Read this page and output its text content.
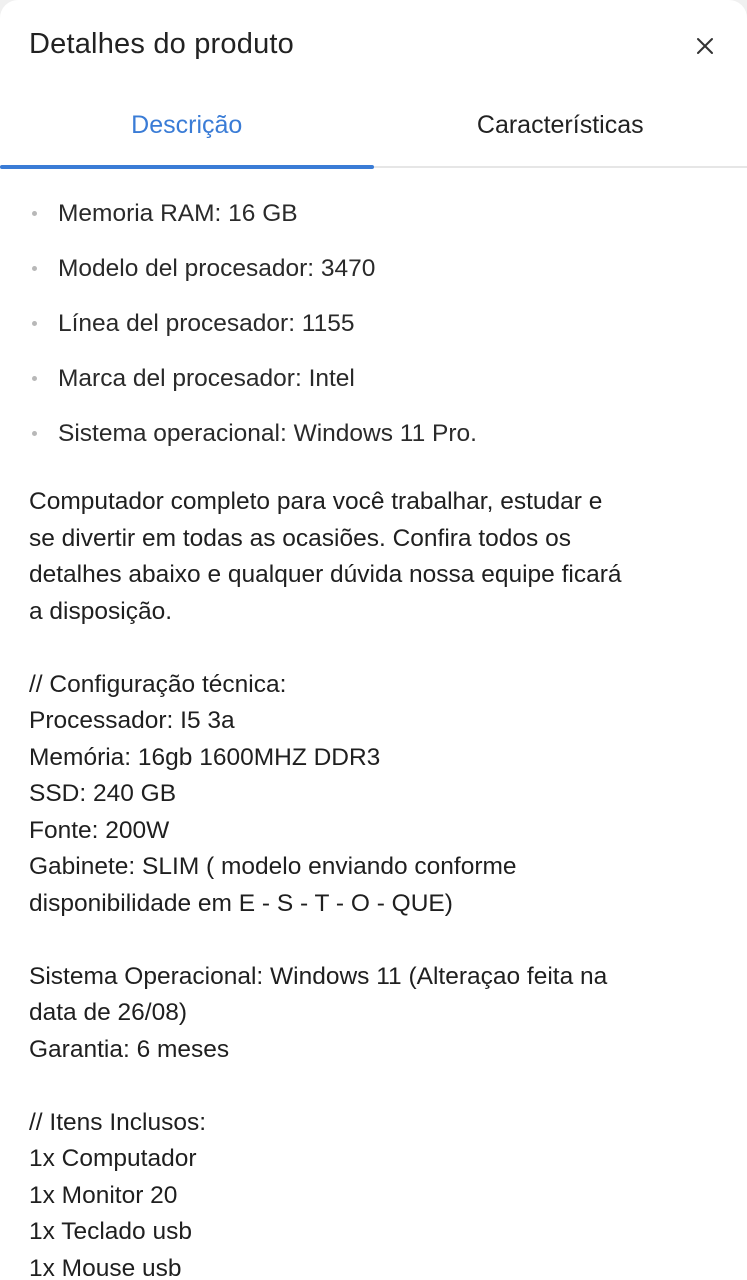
Detalhes do produto
Descrição	Características
Memoria RAM: 16 GB
Modelo del procesador: 3470
Línea del procesador: 1155
Marca del procesador: Intel
Sistema operacional: Windows 11 Pro.

Computador completo para você trabalhar, estudar e

se divertir em todas as ocasiões. Confira todos os

detalhes abaixo e qualquer dúvida nossa equipe ficará

a disposição.

// Configuração técnica:

Processador: I5 3a

Memória: 16gb 1600MHZ DDR3

SSD: 240 GB

Fonte: 200W

Gabinete: SLIM ( modelo enviando conforme

disponibilidade em E - S - T - O - QUE)

Sistema Operacional: Windows 11 (Alteraçao feita na

data de 26/08)

Garantia: 6 meses

// Itens Inclusos:

1x Computador

1x Monitor 20

1x Teclado usb

1x Mouse usb
